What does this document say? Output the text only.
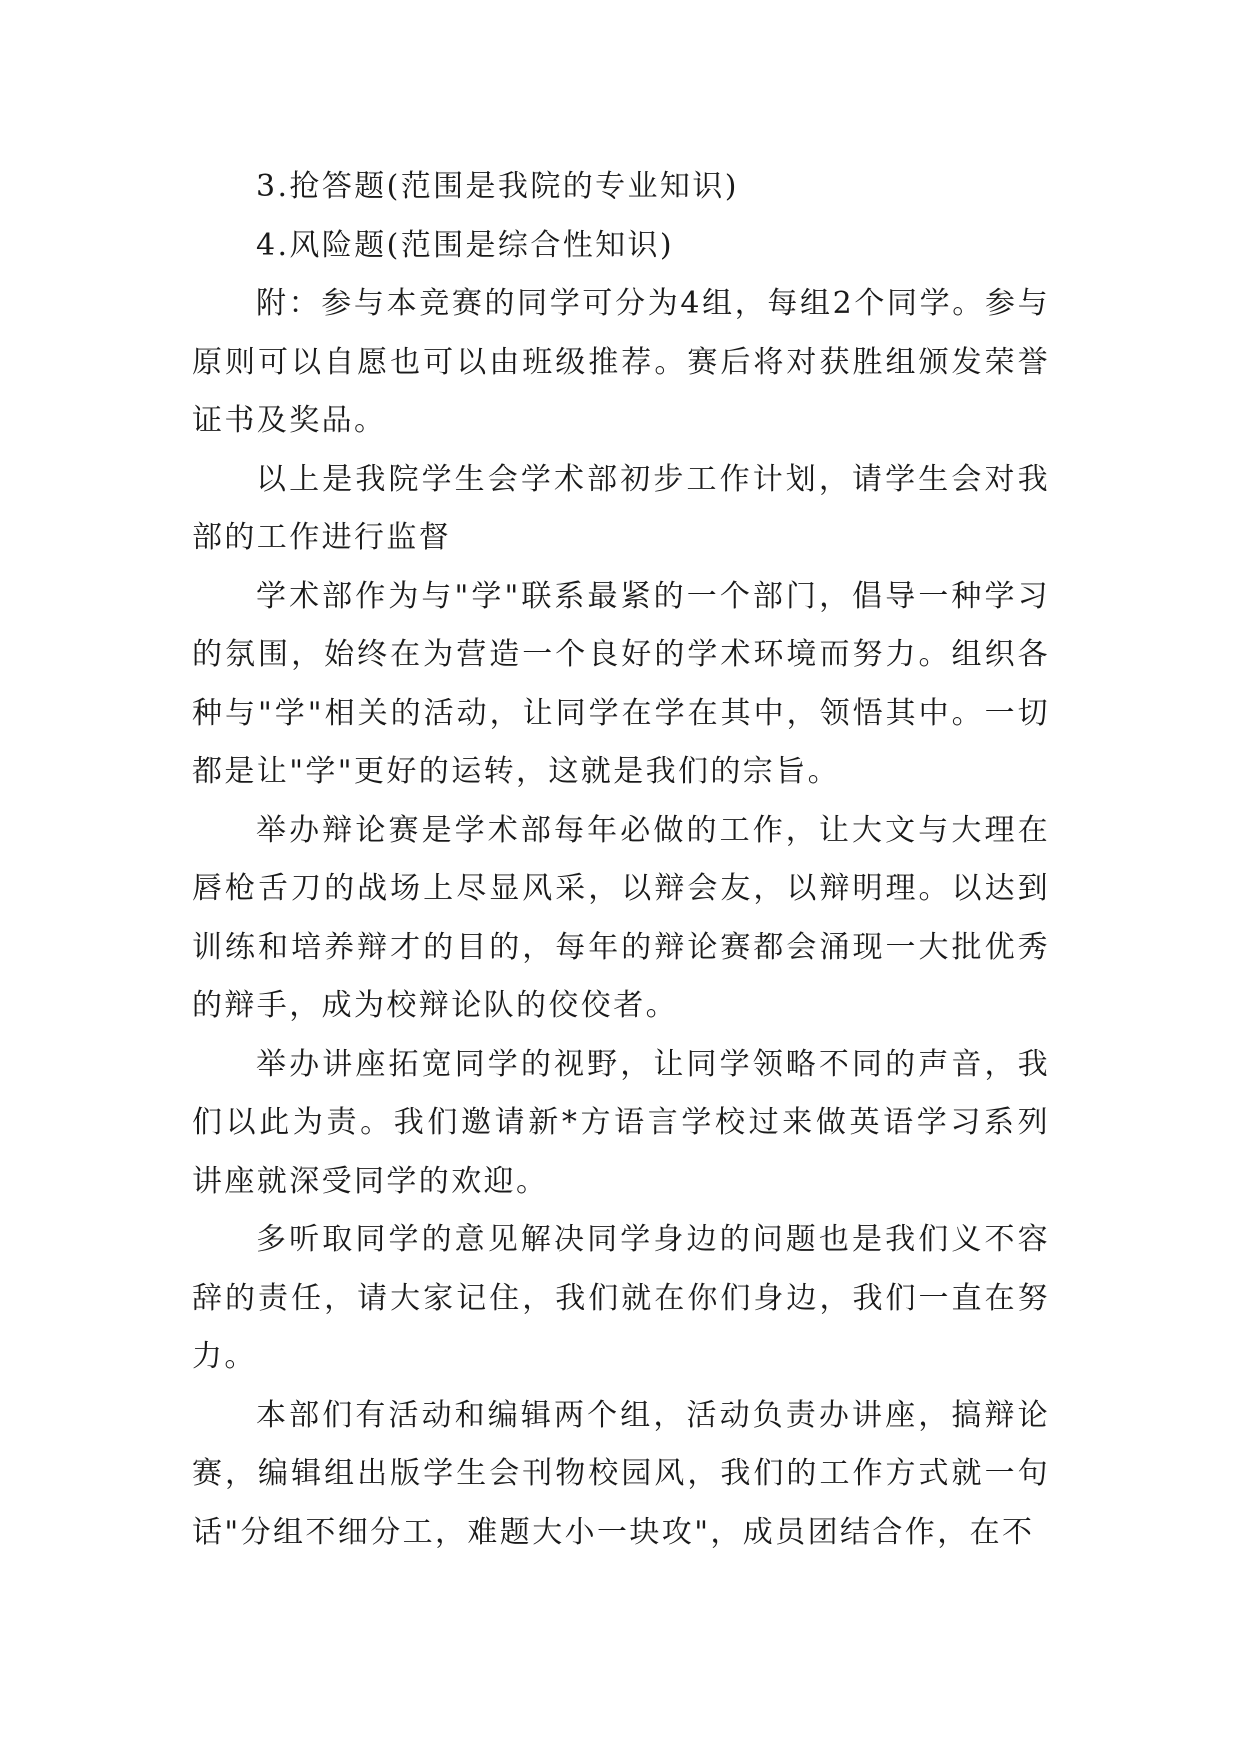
3.抢答题(范围是我院的专业知识)

4.风险题(范围是综合性知识)

附：参与本竞赛的同学可分为4组，每组2个同学。参与原则可以自愿也可以由班级推荐。赛后将对获胜组颁发荣誉证书及奖品。

以上是我院学生会学术部初步工作计划，请学生会对我部的工作进行监督

学术部作为与"学"联系最紧的一个部门，倡导一种学习的氛围，始终在为营造一个良好的学术环境而努力。组织各种与"学"相关的活动，让同学在学在其中，领悟其中。一切都是让"学"更好的运转，这就是我们的宗旨。

举办辩论赛是学术部每年必做的工作，让大文与大理在唇枪舌刀的战场上尽显风采，以辩会友，以辩明理。以达到训练和培养辩才的目的，每年的辩论赛都会涌现一大批优秀的辩手，成为校辩论队的佼佼者。

举办讲座拓宽同学的视野，让同学领略不同的声音，我们以此为责。我们邀请新*方语言学校过来做英语学习系列讲座就深受同学的欢迎。

多听取同学的意见解决同学身边的问题也是我们义不容辞的责任，请大家记住，我们就在你们身边，我们一直在努力。

本部们有活动和编辑两个组，活动负责办讲座，搞辩论赛，编辑组出版学生会刊物校园风，我们的工作方式就一句话"分组不细分工，难题大小一块攻"，成员团结合作，在不
